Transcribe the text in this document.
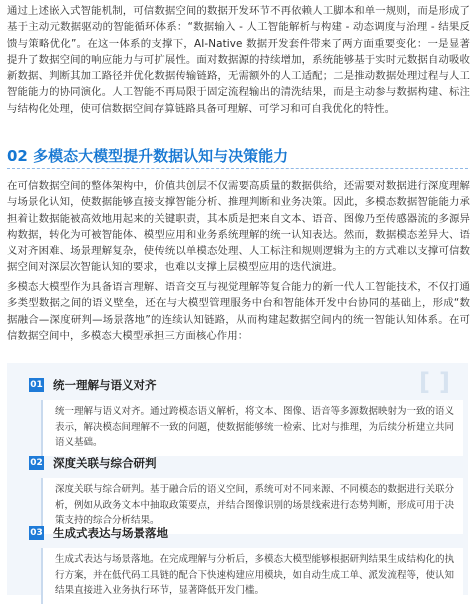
通过上述嵌入式智能机制，可信数据空间的数据开发环节不再依赖人工脚本和单一规则，而是形成了基于主动元数据驱动的智能循环体系：“数据输入 - 人工智能解析与构建 - 动态调度与治理 - 结果反馈与策略优化”。在这一体系的支撑下，AI-Native 数据开发套件带来了两方面重要变化：一是显著提升了数据空间的响应能力与可扩展性。面对数据源的持续增加，系统能够基于实时元数据自动吸收新数据、判断其加工路径并优化数据传输链路，无需额外的人工适配；二是推动数据处理过程与人工智能能力的协同演化。人工智能不再局限于固定流程输出的清洗结果，而是主动参与数据构建、标注与结构化处理，使可信数据空间存算链路具备可理解、可学习和可自我优化的特性。

02 多模态大模型提升数据认知与决策能力

在可信数据空间的整体架构中，价值共创层不仅需要高质量的数据供给，还需要对数据进行深度理解与场景化认知，使数据能够直接支撑智能分析、推理判断和业务决策。因此，多模态数据智能能力承担着让数据能被高效地用起来的关键职责，其本质是把来自文本、语音、图像乃至传感器流的多源异构数据，转化为可被智能体、模型应用和业务系统理解的统一认知表达。然而，数据模态差异大、语义对齐困难、场景理解复杂，使传统以单模态处理、人工标注和规则逻辑为主的方式难以支撑可信数据空间对深层次智能认知的要求，也难以支撑上层模型应用的迭代演进。

多模态大模型作为具备语言理解、语音交互与视觉理解等复合能力的新一代人工智能技术，不仅打通多类型数据之间的语义壁垒，还在与大模型管理服务中台和智能体开发中台协同的基础上，形成“数据融合—深度研判—场景落地”的连续认知链路，从而构建起数据空间内的统一智能认知体系。在可信数据空间中，多模态大模型承担三方面核心作用：

[ ]
01 统一理解与语义对齐
统一理解与语义对齐。通过跨模态语义解析，将文本、图像、语音等多源数据映射为一致的语义表示，解决模态间理解不一致的问题，使数据能够统一检索、比对与推理，为后续分析建立共同语义基础。
02 深度关联与综合研判
深度关联与综合研判。基于融合后的语义空间，系统可对不同来源、不同模态的数据进行关联分析，例如从政务文本中抽取政策要点，并结合图像识别的场景线索进行态势判断，形成可用于决策支持的综合分析结果。
03 生成式表达与场景落地
生成式表达与场景落地。在完成理解与分析后，多模态大模型能够根据研判结果生成结构化的执行方案，并在低代码工具链的配合下快速构建应用模块，如自动生成工单、派发流程等，使认知结果直接进入业务执行环节，显著降低开发门槛。
